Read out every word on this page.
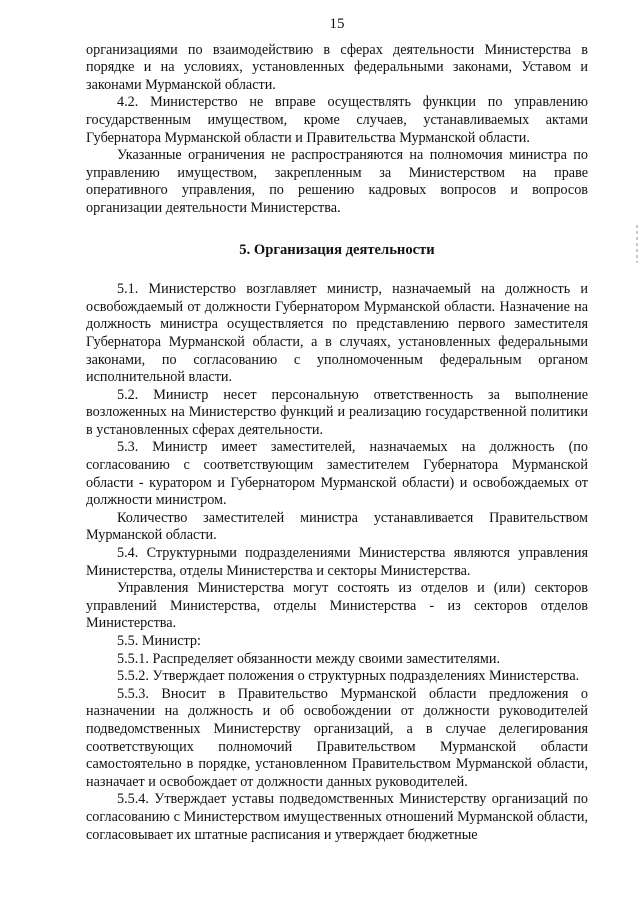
15

организациями по взаимодействию в сферах деятельности Министерства в порядке и на условиях, установленных федеральными законами, Уставом и законами Мурманской области.

4.2. Министерство не вправе осуществлять функции по управлению государственным имуществом, кроме случаев, устанавливаемых актами Губернатора Мурманской области и Правительства Мурманской области.

Указанные ограничения не распространяются на полномочия министра по управлению имуществом, закрепленным за Министерством на праве оперативного управления, по решению кадровых вопросов и вопросов организации деятельности Министерства.

5. Организация деятельности

5.1. Министерство возглавляет министр, назначаемый на должность и освобождаемый от должности Губернатором Мурманской области. Назначение на должность министра осуществляется по представлению первого заместителя Губернатора Мурманской области, а в случаях, установленных федеральными законами, по согласованию с уполномоченным федеральным органом исполнительной власти.

5.2. Министр несет персональную ответственность за выполнение возложенных на Министерство функций и реализацию государственной политики в установленных сферах деятельности.

5.3. Министр имеет заместителей, назначаемых на должность (по согласованию с соответствующим заместителем Губернатора Мурманской области - куратором и Губернатором Мурманской области) и освобождаемых от должности министром.

Количество заместителей министра устанавливается Правительством Мурманской области.

5.4. Структурными подразделениями Министерства являются управления Министерства, отделы Министерства и секторы Министерства.

Управления Министерства могут состоять из отделов и (или) секторов управлений Министерства, отделы Министерства - из секторов отделов Министерства.

5.5. Министр:

5.5.1. Распределяет обязанности между своими заместителями.

5.5.2. Утверждает положения о структурных подразделениях Министерства.

5.5.3. Вносит в Правительство Мурманской области предложения о назначении на должность и об освобождении от должности руководителей подведомственных Министерству организаций, а в случае делегирования соответствующих полномочий Правительством Мурманской области самостоятельно в порядке, установленном Правительством Мурманской области, назначает и освобождает от должности данных руководителей.

5.5.4. Утверждает уставы подведомственных Министерству организаций по согласованию с Министерством имущественных отношений Мурманской области, согласовывает их штатные расписания и утверждает бюджетные
